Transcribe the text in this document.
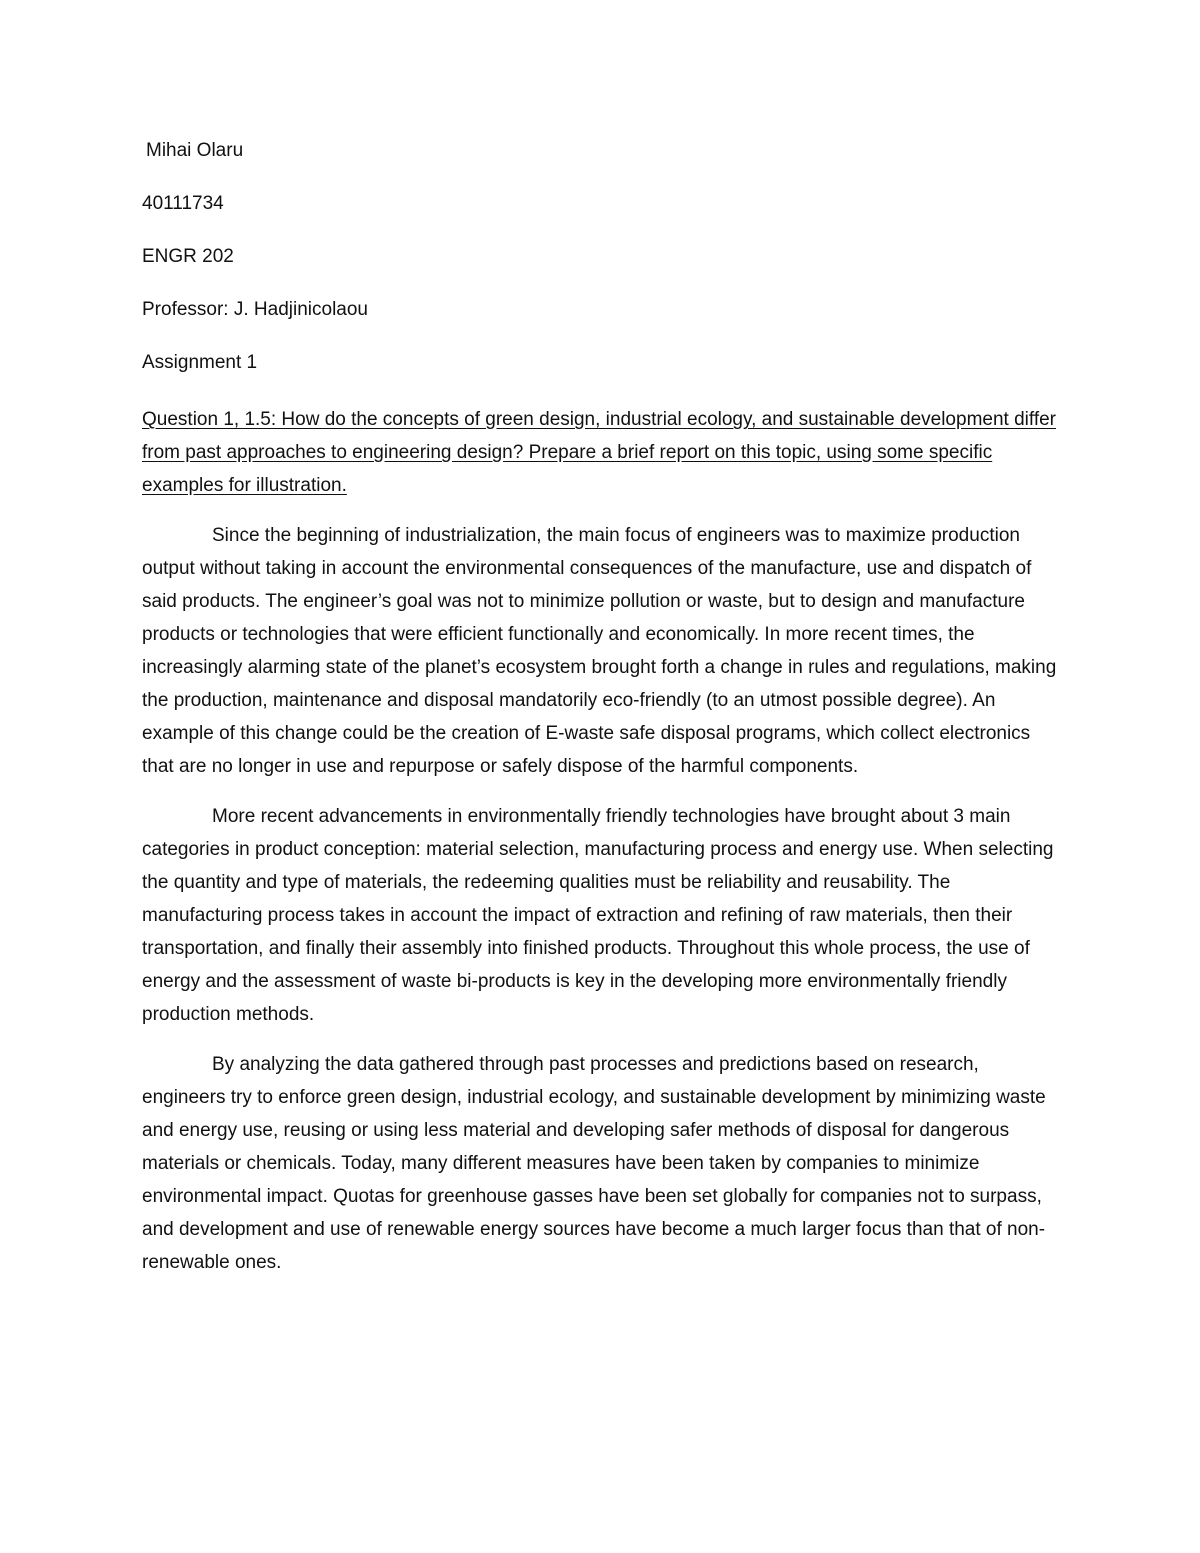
Mihai Olaru

40111734

ENGR 202

Professor: J. Hadjinicolaou

Assignment 1

Question 1, 1.5: How do the concepts of green design, industrial ecology, and sustainable development differ from past approaches to engineering design? Prepare a brief report on this topic, using some specific examples for illustration.

Since the beginning of industrialization, the main focus of engineers was to maximize production output without taking in account the environmental consequences of the manufacture, use and dispatch of said products. The engineer’s goal was not to minimize pollution or waste, but to design and manufacture products or technologies that were efficient functionally and economically. In more recent times, the increasingly alarming state of the planet’s ecosystem brought forth a change in rules and regulations, making the production, maintenance and disposal mandatorily eco-friendly (to an utmost possible degree). An example of this change could be the creation of E-waste safe disposal programs, which collect electronics that are no longer in use and repurpose or safely dispose of the harmful components.

More recent advancements in environmentally friendly technologies have brought about 3 main categories in product conception: material selection, manufacturing process and energy use. When selecting the quantity and type of materials, the redeeming qualities must be reliability and reusability. The manufacturing process takes in account the impact of extraction and refining of raw materials, then their transportation, and finally their assembly into finished products. Throughout this whole process, the use of energy and the assessment of waste bi-products is key in the developing more environmentally friendly production methods.

By analyzing the data gathered through past processes and predictions based on research, engineers try to enforce green design, industrial ecology, and sustainable development by minimizing waste and energy use, reusing or using less material and developing safer methods of disposal for dangerous materials or chemicals. Today, many different measures have been taken by companies to minimize environmental impact. Quotas for greenhouse gasses have been set globally for companies not to surpass, and development and use of renewable energy sources have become a much larger focus than that of non-renewable ones.
